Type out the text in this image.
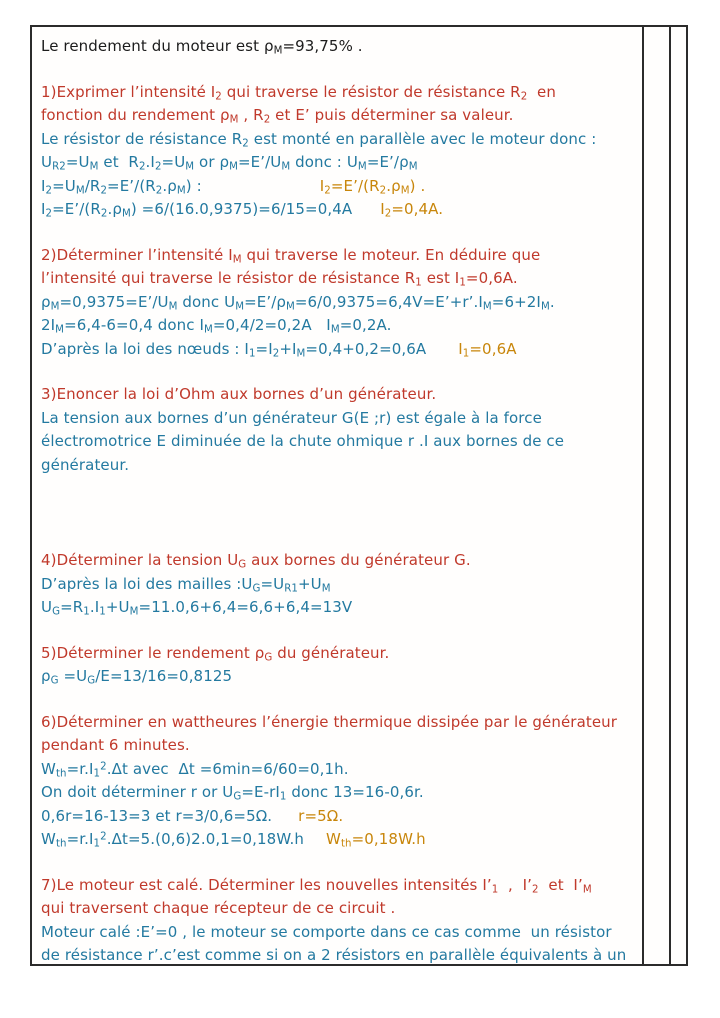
Le rendement du moteur est $\rho_M=93,75\%$ .
1)Exprimer l’intensité $I_2$ qui traverse le résistor de résistance $R_2$  en
fonction du rendement $\rho_M$ , $R_2$ et E’ puis déterminer sa valeur.
Le résistor de résistance $R_2$ est monté en parallèle avec le moteur donc :
$U_{R2}=U_M$ et  $R_2.I_2=U_M$ or $\rho_M=E’/U_M$ donc : $U_M=E’/\rho_M$
$I_2=U_M/R_2=E’/(R_2.\rho_M)$ :	$I_2=E’/(R_2.\rho_M)$ .
$I_2=E’/(R_2.\rho_M) =6/(16.0,9375)=6/15=0,4A$ $I_2=0,4A$.
2)Déterminer l’intensité $I_M$ qui traverse le moteur. En déduire que
l’intensité qui traverse le résistor de résistance $R_1$ est $I_1=0,6A$.
$\rho_M=0,9375=E’/U_M$ donc $U_M=E’/\rho_M=6/0,9375=6,4V=E’+r’.I_M=6+2I_M$.
$2I_M=6,4-6=0,4$ donc $I_M=0,4/2=0,2A$   $I_M=0,2A$.
D’après la loi des nœuds : $I_1=I_2+I_M=0,4+0,2=0,6A$ $I_1=0,6A$
3)Enoncer la loi d’Ohm aux bornes d’un générateur.
La tension aux bornes d’un générateur G(E ;r) est égale à la force
électromotrice E diminuée de la chute ohmique r .I aux bornes de ce
générateur.
4)Déterminer la tension $U_G$ aux bornes du générateur G.
D’après la loi des mailles $:U_G=U_{R1}+U_M$
$U_G=R_1.I_1+U_M=11.0,6+6,4=6,6+6,4=13V$
5)Déterminer le rendement $\rho_G$ du générateur.
$\rho_G =U_G/E=13/16=0,8125$
6)Déterminer en wattheures l’énergie thermique dissipée par le générateur
pendant 6 minutes.
$W_{th}=r.I_1^2.\Delta t$ avec  Δt =6min=6/60=0,1h.
On doit déterminer r or $U_G=E-rI_1$ donc 13=16-0,6r.
0,6r=16-13=3 et r=3/0,6=5Ω. r=5Ω.
$W_{th}=r.I_1^2.\Delta t=5.(0,6)2.0,1=0,18W.h$ $W_{th}=0,18W.h$
7)Le moteur est calé. Déterminer les nouvelles intensités $I’_1$  ,  $I’_2$  et  $I’_M$
qui traversent chaque récepteur de ce circuit .
Moteur calé :E’=0 , le moteur se comporte dans ce cas comme  un résistor
de résistance r’.c’est comme si on a 2 résistors en parallèle équivalents à un
